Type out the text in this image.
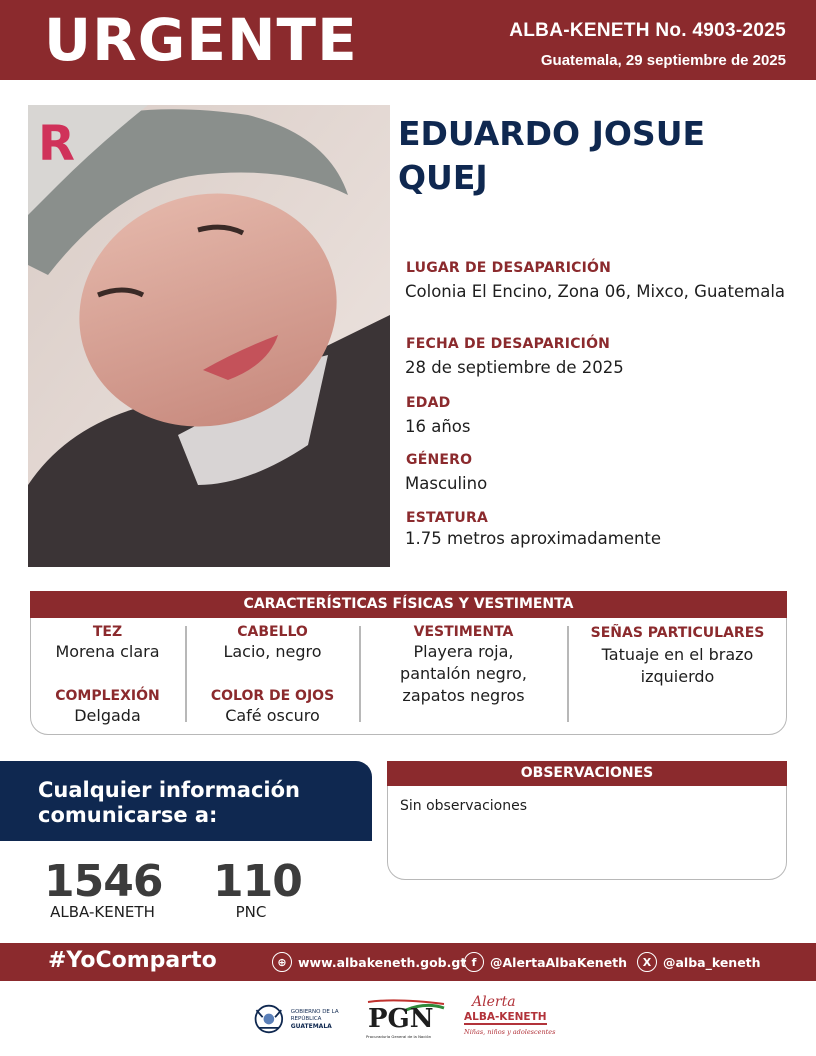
URGENTE	ALBA-KENETH No. 4903-2025
Guatemala, 29 septiembre de 2025
R	EDUARDO JOSUE
QUEJ
LUGAR DE DESAPARICIÓN
Colonia El Encino, Zona 06, Mixco, Guatemala
FECHA DE DESAPARICIÓN
28 de septiembre de 2025
EDAD
16 años
GÉNERO
Masculino
ESTATURA
1.75 metros aproximadamente
CARACTERÍSTICAS FÍSICAS Y VESTIMENTA
TEZ
Morena clara
COMPLEXIÓN
Delgada
CABELLO
Lacio, negro
COLOR DE OJOS
Café oscuro
VESTIMENTA
Playera roja,
pantalón negro,
zapatos negros
SEÑAS PARTICULARES
Tatuaje en el brazo
izquierdo
Cualquier información
comunicarse a:
1546
ALBA-KENETH
110
PNC
OBSERVACIONES
Sin observaciones
#YoComparto	⊕ www.albakeneth.gob.gt f	@AlertaAlbaKeneth	X @alba_keneth
GOBIERNO DE LA REPÚBLICA
GUATEMALA	PGN
Procuraduría General de la Nación
Alerta
ALBA-KENETH
Niñas, niños y adolescentes
